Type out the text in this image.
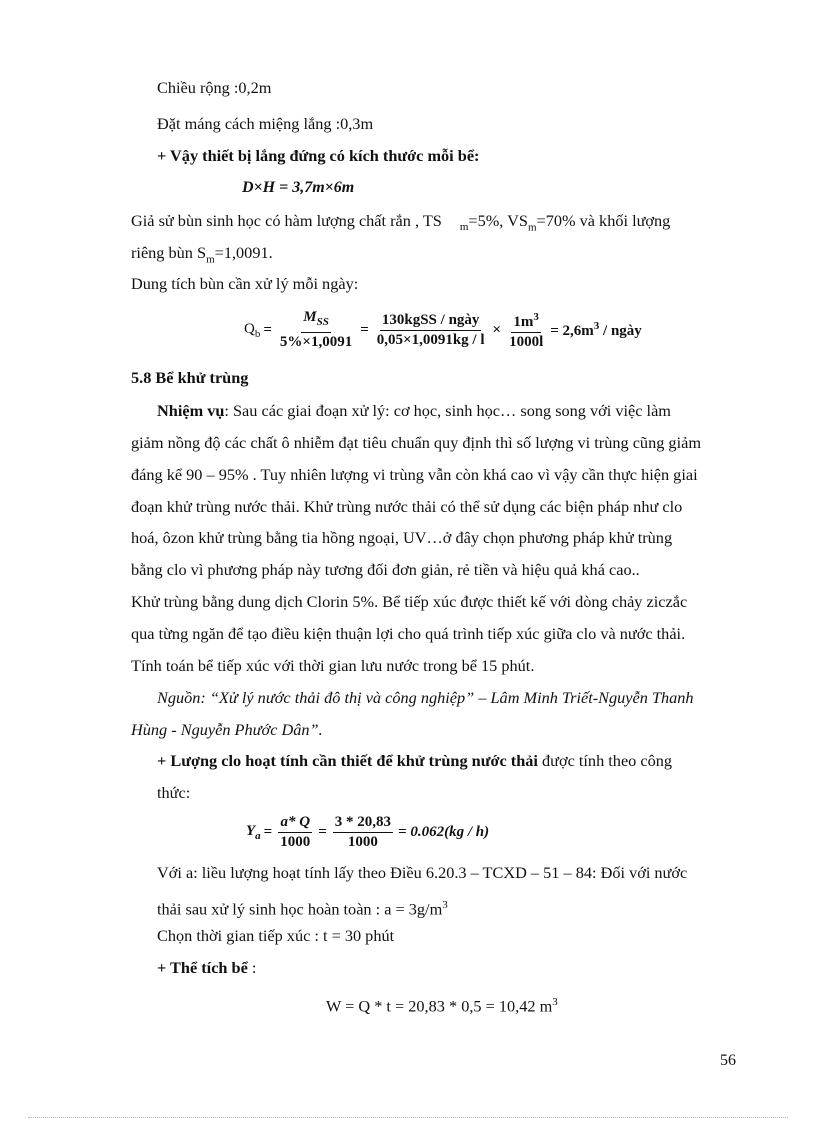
Chiều rộng :0,2m
Đặt máng cách miệng lắng :0,3m
+ Vậy thiết bị lắng đứng có kích thước mỗi bể:
D×H = 3,7m×6m
Giả sử bùn sinh học có hàm lượng chất rắn , TS $_m$=5%, $VS_m=70\%$ và khối lượng
riêng bùn $S_m=1,0091$.
Dung tích bùn cần xử lý mỗi ngày:
$Q_b = \frac{M_{SS}}{5\%\times 1,0091} = \frac{\text{130kgSS / ngày}}{0,05\times 1,0091kg / l} \times \frac{1m^3}{1000l} = 2,6m^3$ / ngày
5.8 Bể khử trùng
Nhiệm vụ: Sau các giai đoạn xử lý: cơ học, sinh học… song song với việc làm
giảm nồng độ các chất ô nhiễm đạt tiêu chuẩn quy định thì số lượng vi trùng cũng giảm
đáng kể 90 – 95% . Tuy nhiên lượng vi trùng vẫn còn khá cao vì vậy cần thực hiện giai
đoạn khử trùng nước thải. Khử trùng nước thải có thể sử dụng các biện pháp như clo
hoá, ôzon khử trùng bằng tia hồng ngoại, UV…ở đây chọn phương pháp khử trùng
bằng clo vì phương pháp này tương đối đơn giản, rẻ tiền và hiệu quả khá cao..
Khử trùng bằng dung dịch Clorin 5%. Bể tiếp xúc được thiết kế với dòng chảy ziczắc
qua từng ngăn để tạo điều kiện thuận lợi cho quá trình tiếp xúc giữa clo và nước thải.
Tính toán bể tiếp xúc với thời gian lưu nước trong bể 15 phút.
Nguồn: “Xử lý nước thải đô thị và công nghiệp” – Lâm Minh Triết-Nguyễn Thanh
Hùng - Nguyễn Phước Dân”.
+ Lượng clo hoạt tính cần thiết để khử trùng nước thải được tính theo công
thức:
$Y_a = \frac{a* Q}{1000} = \frac{3 * 20,83}{1000} = 0.062(kg / h)$
Với a: liều lượng hoạt tính lấy theo Điều 6.20.3 – TCXD – 51 – 84: Đối với nước
thải sau xử lý sinh học hoàn toàn : $a = 3g/m^3$
Chọn thời gian tiếp xúc : t = 30 phút
+ Thể tích bể :
W = Q * t = 20,83 * 0,5 = 10,42 $m^3$
56
